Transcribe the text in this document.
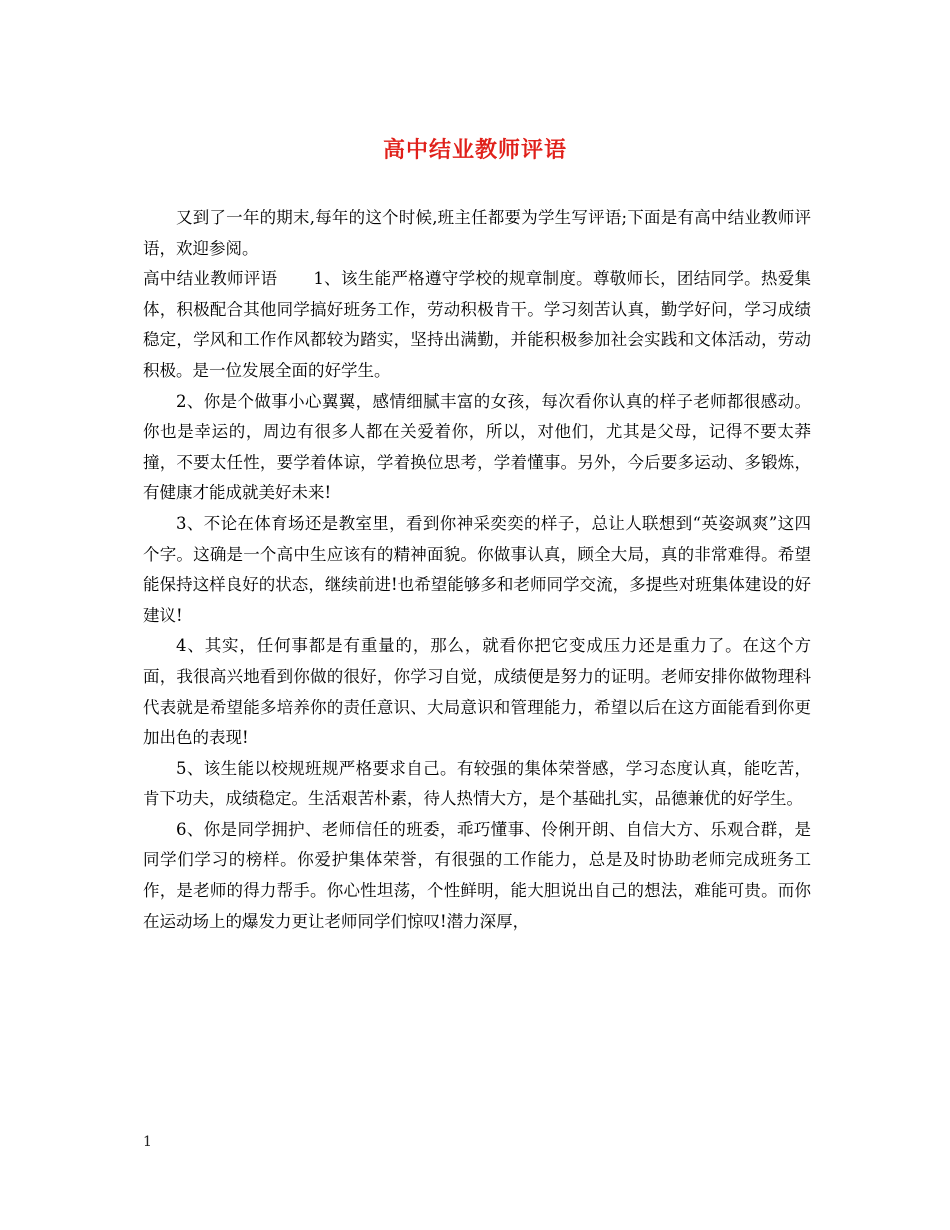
高中结业教师评语

又到了一年的期末,每年的这个时候,班主任都要为学生写评语;下面是有高中结业教师评语，欢迎参阅。

高中结业教师评语 1、该生能严格遵守学校的规章制度。尊敬师长，团结同学。热爱集体，积极配合其他同学搞好班务工作，劳动积极肯干。学习刻苦认真，勤学好问，学习成绩稳定，学风和工作作风都较为踏实，坚持出满勤，并能积极参加社会实践和文体活动，劳动积极。是一位发展全面的好学生。

2、你是个做事小心翼翼，感情细腻丰富的女孩，每次看你认真的样子老师都很感动。你也是幸运的，周边有很多人都在关爱着你，所以，对他们，尤其是父母，记得不要太莽撞，不要太任性，要学着体谅，学着换位思考，学着懂事。另外，今后要多运动、多锻炼，有健康才能成就美好未来!

3、不论在体育场还是教室里，看到你神采奕奕的样子，总让人联想到“英姿飒爽”这四个字。这确是一个高中生应该有的精神面貌。你做事认真，顾全大局，真的非常难得。希望能保持这样良好的状态，继续前进!也希望能够多和老师同学交流，多提些对班集体建设的好建议!

4、其实，任何事都是有重量的，那么，就看你把它变成压力还是重力了。在这个方面，我很高兴地看到你做的很好，你学习自觉，成绩便是努力的证明。老师安排你做物理科代表就是希望能多培养你的责任意识、大局意识和管理能力，希望以后在这方面能看到你更加出色的表现!

5、该生能以校规班规严格要求自己。有较强的集体荣誉感，学习态度认真，能吃苦，肯下功夫，成绩稳定。生活艰苦朴素，待人热情大方，是个基础扎实，品德兼优的好学生。

6、你是同学拥护、老师信任的班委，乖巧懂事、伶俐开朗、自信大方、乐观合群，是同学们学习的榜样。你爱护集体荣誉，有很强的工作能力，总是及时协助老师完成班务工作，是老师的得力帮手。你心性坦荡，个性鲜明，能大胆说出自己的想法，难能可贵。而你在运动场上的爆发力更让老师同学们惊叹!潜力深厚，

1
